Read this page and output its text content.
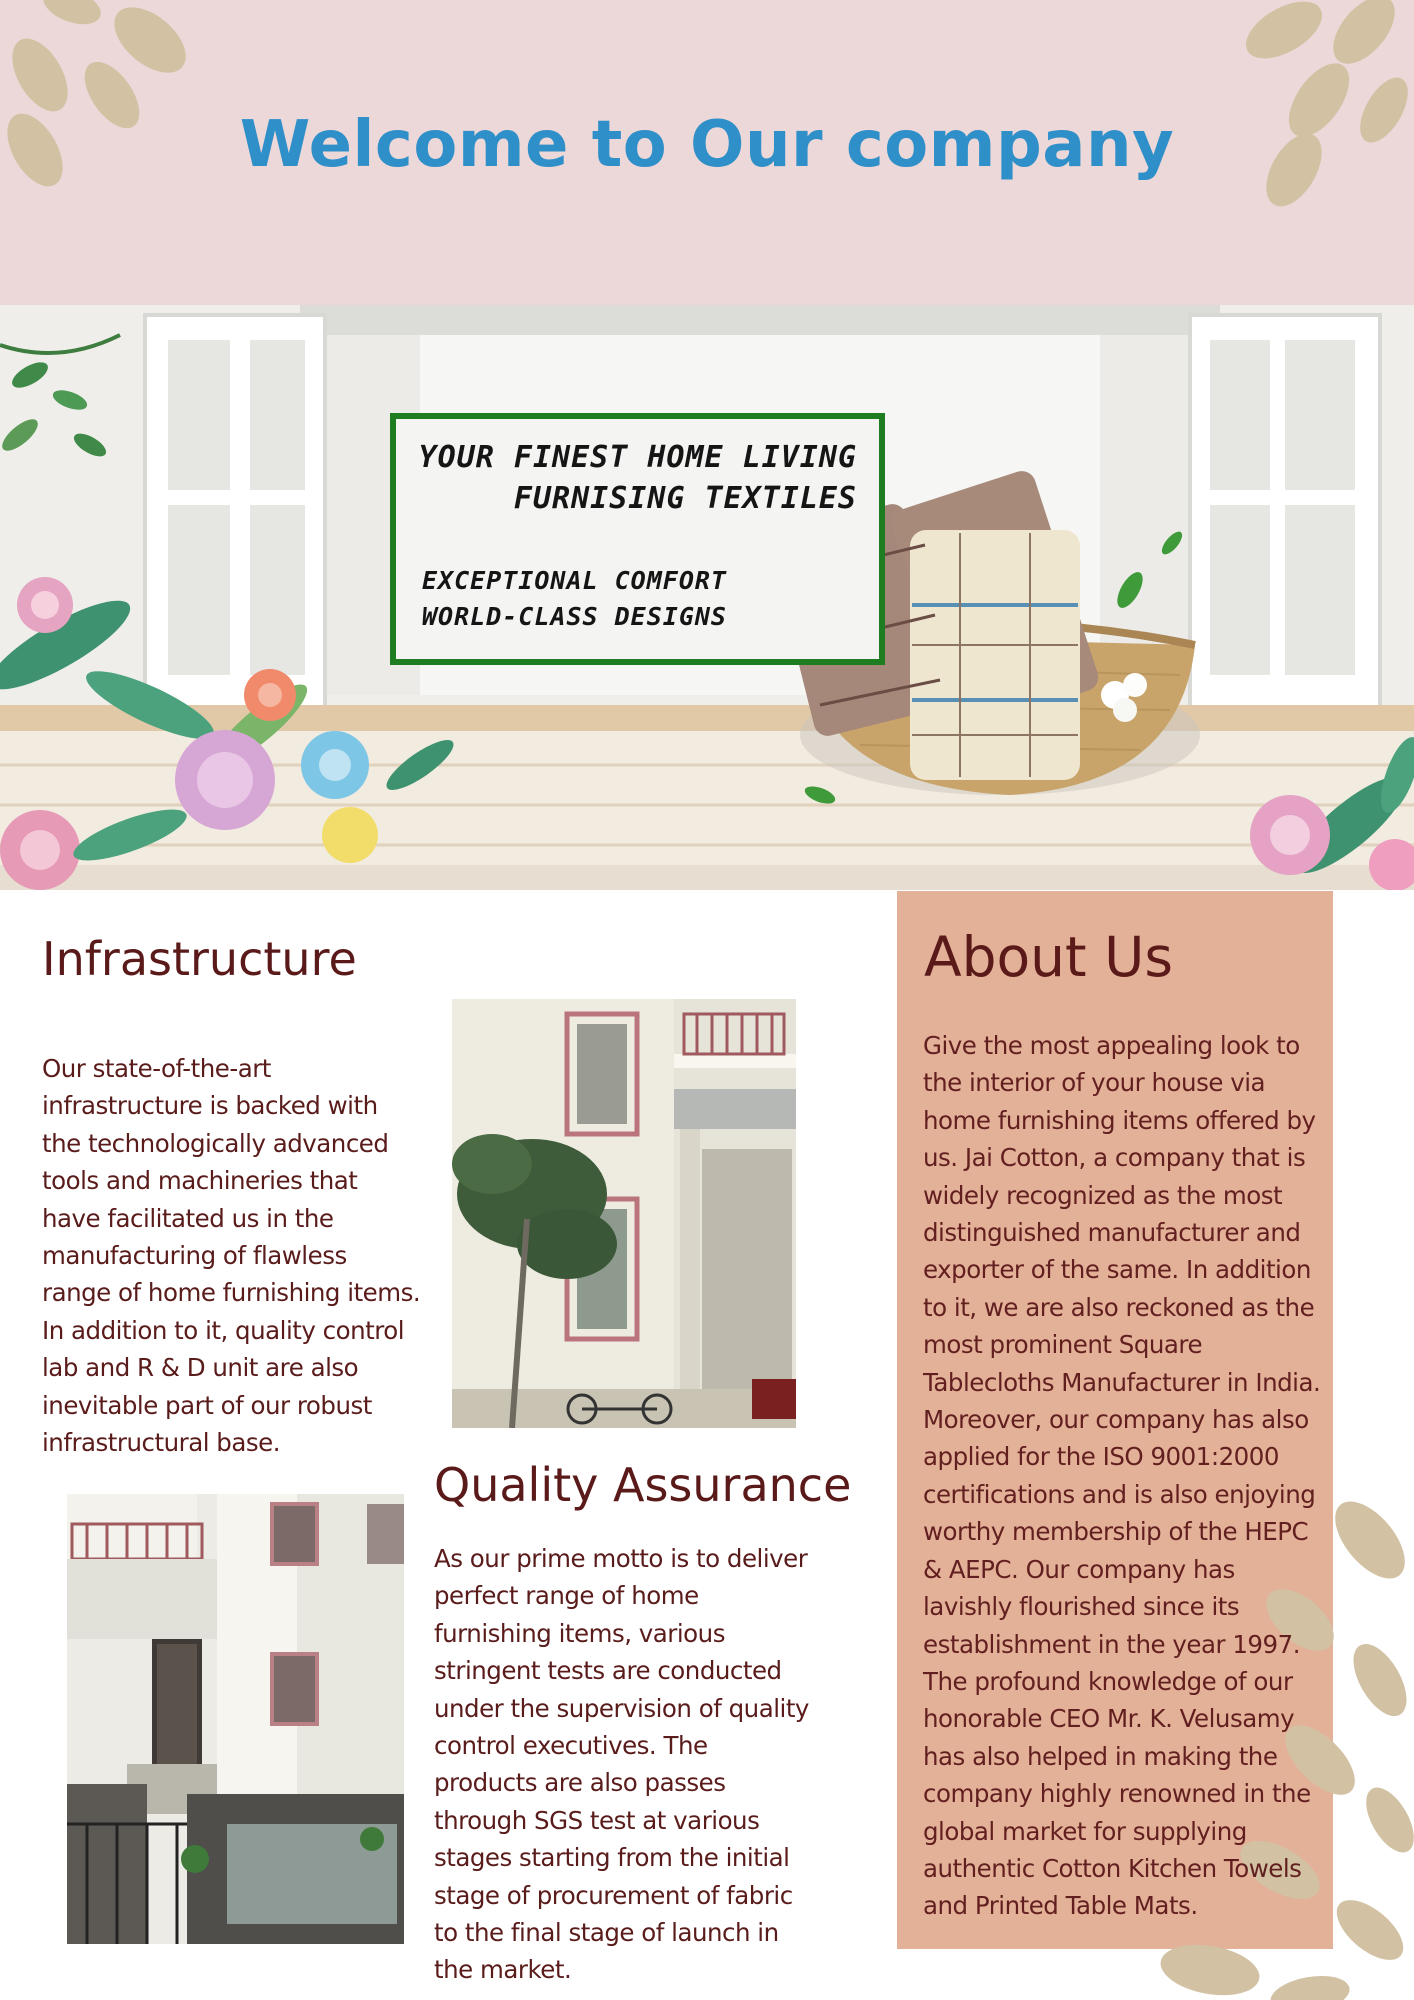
Welcome to Our company
YOUR FINEST HOME LIVING
FURNISING TEXTILES
EXCEPTIONAL COMFORT
WORLD-CLASS DESIGNS
Infrastructure

Our state-of-the-art infrastructure is backed with the technologically advanced tools and machineries that have facilitated us in the manufacturing of flawless range of home furnishing items. In addition to it, quality control lab and R & D unit are also inevitable part of our robust infrastructural base.

Quality Assurance

As our prime motto is to deliver perfect range of home furnishing items, various stringent tests are conducted under the supervision of quality control executives. The products are also passes through SGS test at various stages starting from the initial stage of procurement of fabric to the final stage of launch in the market.

About Us

Give the most appealing look to the interior of your house via home furnishing items offered by us. Jai Cotton, a company that is widely recognized as the most distinguished manufacturer and exporter of the same. In addition to it, we are also reckoned as the most prominent Square Tablecloths Manufacturer in India. Moreover, our company has also applied for the ISO 9001:2000 certifications and is also enjoying worthy membership of the HEPC & AEPC. Our company has lavishly flourished since its establishment in the year 1997. The profound knowledge of our honorable CEO Mr. K. Velusamy has also helped in making the company highly renowned in the global market for supplying authentic Cotton Kitchen Towels and Printed Table Mats.
